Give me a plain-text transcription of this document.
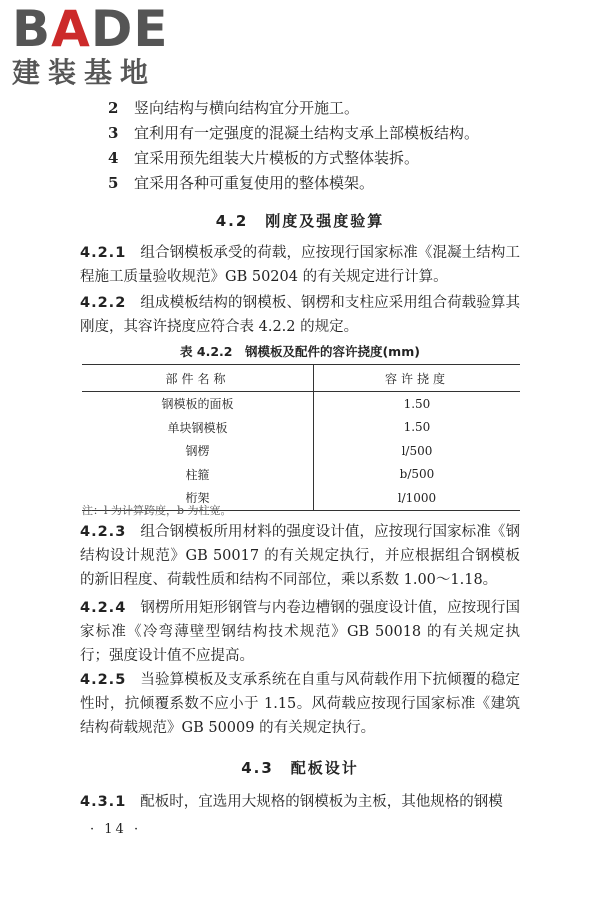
BADE
建装基地
2 竖向结构与横向结构宜分开施工。
3 宜利用有一定强度的混凝土结构支承上部模板结构。
4 宜采用预先组装大片模板的方式整体装拆。
5 宜采用各种可重复使用的整体模架。
4.2　 刚度及强度验算
4.2.1 组合钢模板承受的荷载，应按现行国家标准《混凝土结构工程施工质量验收规范》GB 50204 的有关规定进行计算。
4.2.2 组成模板结构的钢模板、钢楞和支柱应采用组合荷载验算其刚度，其容许挠度应符合表 4.2.2 的规定。
表 4.2.2　钢模板及配件的容许挠度(mm)
部件名称	容许挠度
钢模板的面板	1.50
单块钢模板	1.50
钢楞	l/500
柱箍	b/500
桁架	l/1000
注：l 为计算跨度，b 为柱宽。
4.2.3 组合钢模板所用材料的强度设计值，应按现行国家标准《钢结构设计规范》GB 50017 的有关规定执行，并应根据组合钢模板的新旧程度、荷载性质和结构不同部位，乘以系数 1.00～1.18。
4.2.4 钢楞所用矩形钢管与内卷边槽钢的强度设计值，应按现行国家标准《冷弯薄壁型钢结构技术规范》GB 50018 的有关规定执行；强度设计值不应提高。
4.2.5 当验算模板及支承系统在自重与风荷载作用下抗倾覆的稳定性时，抗倾覆系数不应小于 1.15。风荷载应按现行国家标准《建筑结构荷载规范》GB 50009 的有关规定执行。
4.3　 配板设计
4.3.1 配板时，宜选用大规格的钢模板为主板，其他规格的钢模
· 14 ·
